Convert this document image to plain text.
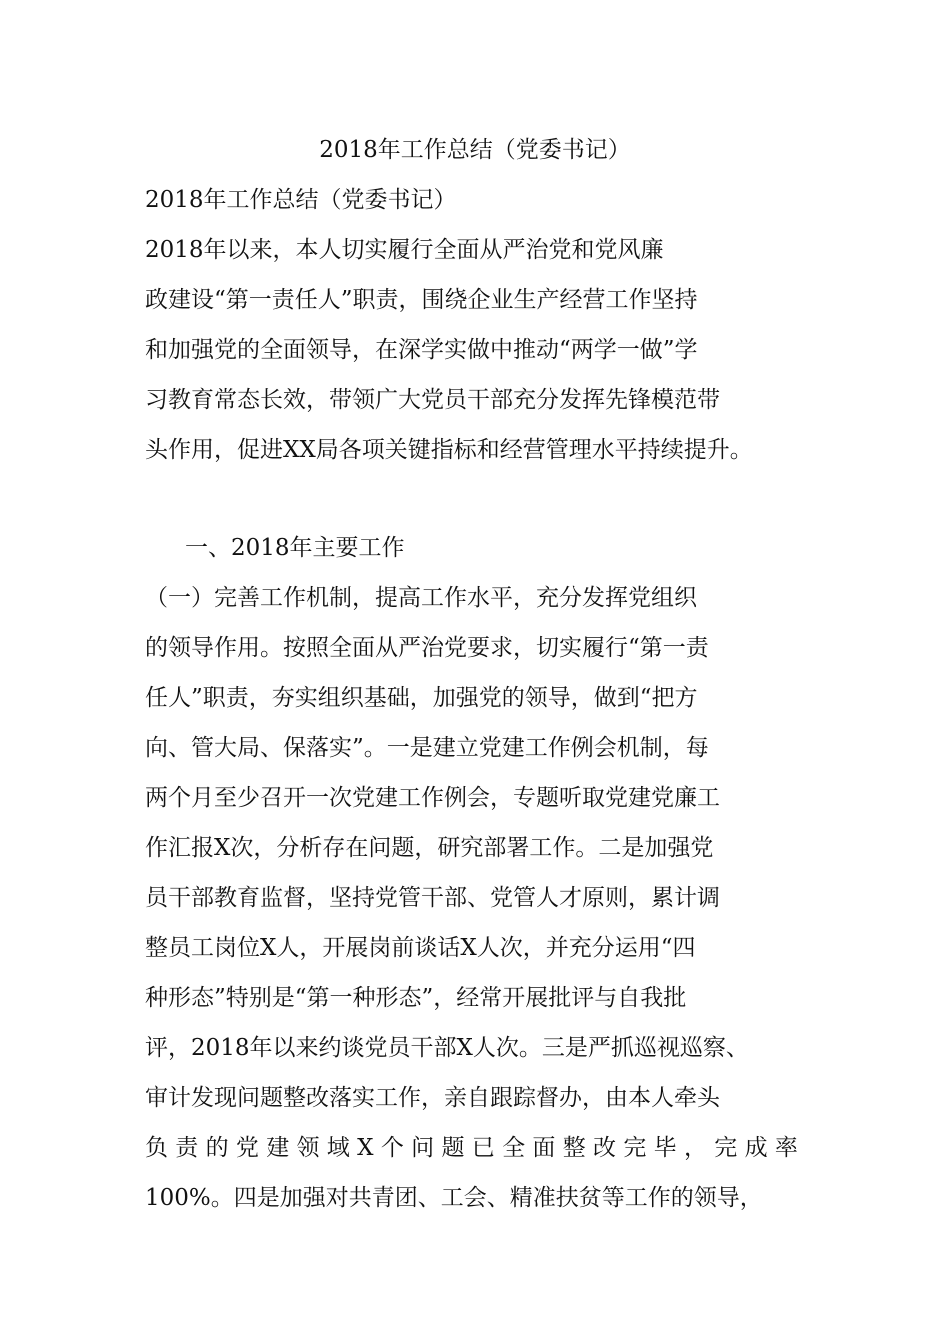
2018年工作总结（党委书记）
2018年工作总结（党委书记）
2018年以来，本人切实履行全面从严治党和党风廉
政建设“第一责任人”职责，围绕企业生产经营工作坚持
和加强党的全面领导，在深学实做中推动“两学一做”学
习教育常态长效，带领广大党员干部充分发挥先锋模范带
头作用，促进XX局各项关键指标和经营管理水平持续提升。
一、2018年主要工作
（一）完善工作机制，提高工作水平，充分发挥党组织
的领导作用。按照全面从严治党要求，切实履行“第一责
任人”职责，夯实组织基础，加强党的领导，做到“把方
向、管大局、保落实”。一是建立党建工作例会机制，每
两个月至少召开一次党建工作例会，专题听取党建党廉工
作汇报X次，分析存在问题，研究部署工作。二是加强党
员干部教育监督，坚持党管干部、党管人才原则，累计调
整员工岗位X人，开展岗前谈话X人次，并充分运用“四
种形态”特别是“第一种形态”，经常开展批评与自我批
评，2018年以来约谈党员干部X人次。三是严抓巡视巡察、
审计发现问题整改落实工作，亲自跟踪督办，由本人牵头
负 责 的 党 建 领 域 X 个 问 题 已 全 面 整 改 完 毕 ， 完 成 率
100%。四是加强对共青团、工会、精准扶贫等工作的领导，
